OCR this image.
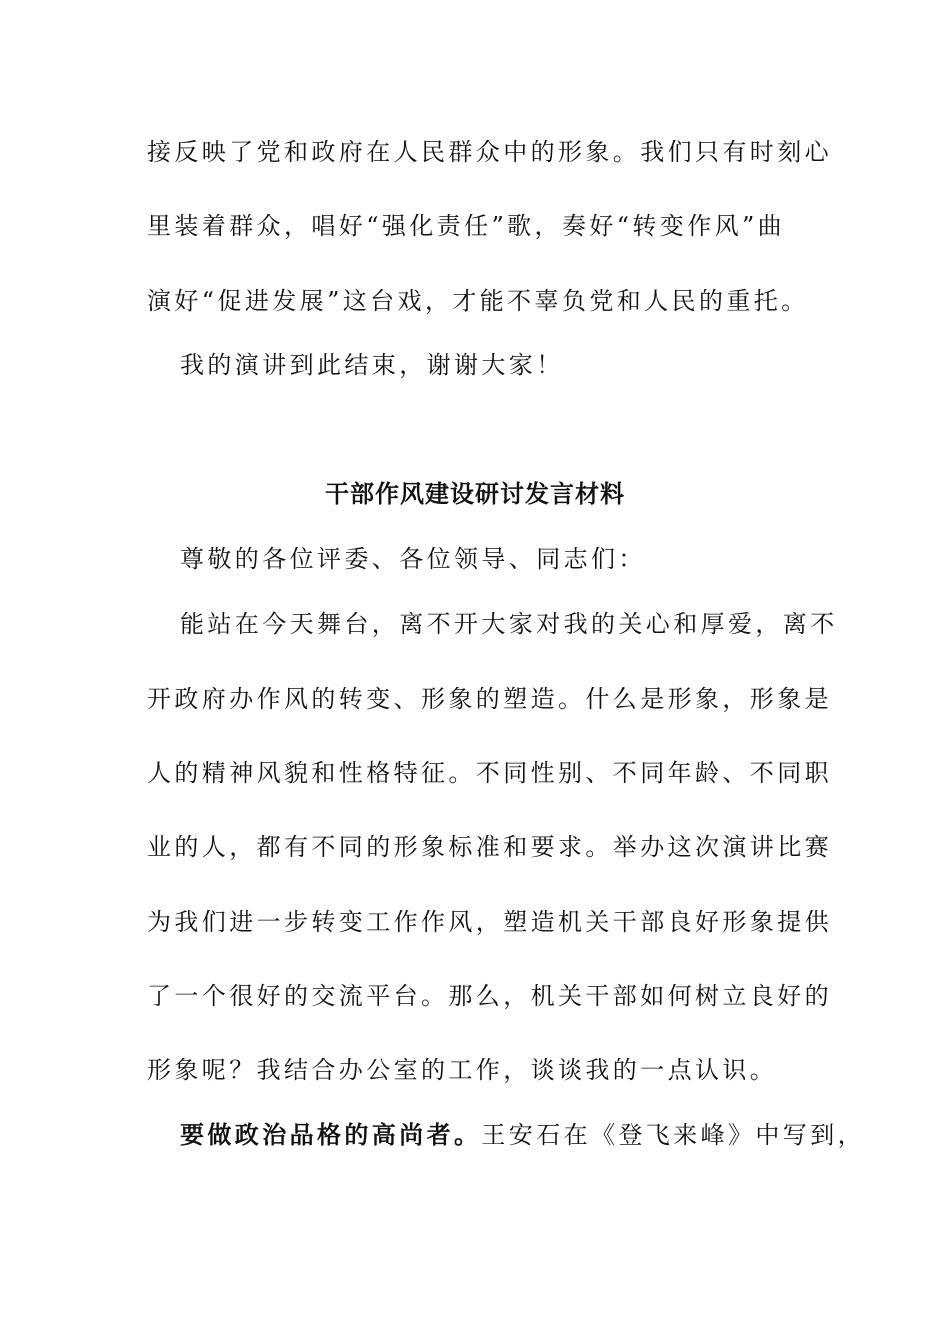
接反映了党和政府在人民群众中的形象。我们只有时刻心
里装着群众，唱好“强化责任”歌，奏好“转变作风”曲
演好“促进发展”这台戏，才能不辜负党和人民的重托。
我的演讲到此结束，谢谢大家！
干部作风建设研讨发言材料
尊敬的各位评委、各位领导、同志们：
能站在今天舞台，离不开大家对我的关心和厚爱，离不
开政府办作风的转变、形象的塑造。什么是形象，形象是
人的精神风貌和性格特征。不同性别、不同年龄、不同职
业的人，都有不同的形象标准和要求。举办这次演讲比赛
为我们进一步转变工作作风，塑造机关干部良好形象提供
了一个很好的交流平台。那么，机关干部如何树立良好的
形象呢？我结合办公室的工作，谈谈我的一点认识。
要做政治品格的高尚者。王安石在《登飞来峰》中写到，
